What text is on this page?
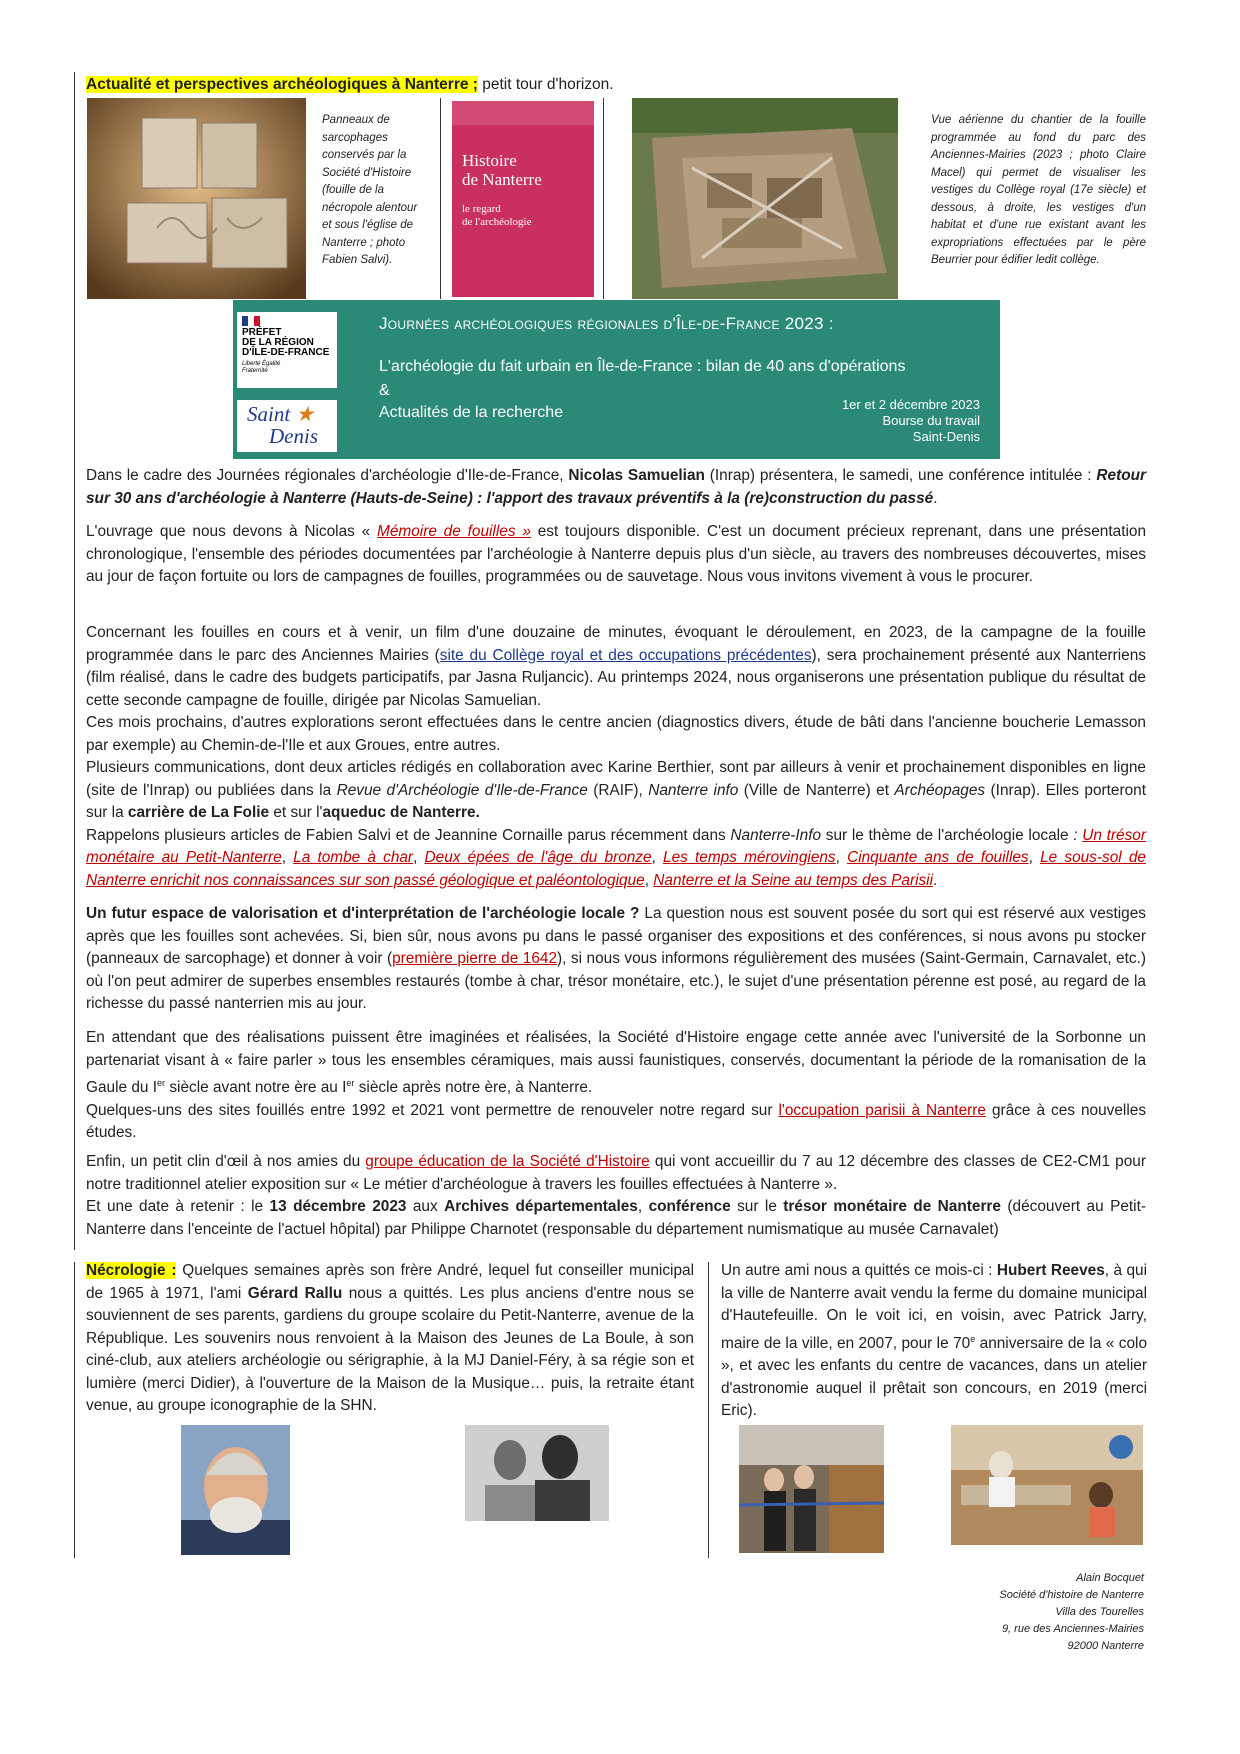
Actualité et perspectives archéologiques à Nanterre ; petit tour d'horizon.
Panneaux de sarcophages conservés par la Société d'Histoire (fouille de la nécropole alentour et sous l'église de Nanterre ; photo Fabien Salvi).
Histoire
de Nanterre
le regard
de l'archéologie
Vue aérienne du chantier de la fouille programmée au fond du parc des Anciennes-Mairies (2023 ; photo Claire Macel) qui permet de visualiser les vestiges du Collège royal (17e siècle) et dessous, à droite, les vestiges d'un habitat et d'une rue existant avant les expropriations effectuées par le père Beurrier pour édifier ledit collège.
PRÉFET
DE LA RÉGION
D'ÎLE-DE-FRANCE
Liberté Égalité Fraternité
Saint ★
Denis
Journées archéologiques régionales d'Île-de-France 2023 :
L'archéologie du fait urbain en Île-de-France : bilan de 40 ans d'opérations
&
Actualités de la recherche	1er et 2 décembre 2023
Bourse du travail
Saint-Denis

Dans le cadre des Journées régionales d'archéologie d'Ile-de-France, Nicolas Samuelian (Inrap) présentera, le samedi, une conférence intitulée : Retour sur 30 ans d'archéologie à Nanterre (Hauts-de-Seine) : l'apport des travaux préventifs à la (re)construction du passé.

L'ouvrage que nous devons à Nicolas « Mémoire de fouilles » est toujours disponible. C'est un document précieux reprenant, dans une présentation chronologique, l'ensemble des périodes documentées par l'archéologie à Nanterre depuis plus d'un siècle, au travers des nombreuses découvertes, mises au jour de façon fortuite ou lors de campagnes de fouilles, programmées ou de sauvetage. Nous vous invitons vivement à vous le procurer.

Concernant les fouilles en cours et à venir, un film d'une douzaine de minutes, évoquant le déroulement, en 2023, de la campagne de la fouille programmée dans le parc des Anciennes Mairies (site du Collège royal et des occupations précédentes), sera prochainement présenté aux Nanterriens (film réalisé, dans le cadre des budgets participatifs, par Jasna Ruljancic). Au printemps 2024, nous organiserons une présentation publique du résultat de cette seconde campagne de fouille, dirigée par Nicolas Samuelian.

Ces mois prochains, d'autres explorations seront effectuées dans le centre ancien (diagnostics divers, étude de bâti dans l'ancienne boucherie Lemasson par exemple) au Chemin-de-l'Ile et aux Groues, entre autres.

Plusieurs communications, dont deux articles rédigés en collaboration avec Karine Berthier, sont par ailleurs à venir et prochainement disponibles en ligne (site de l'Inrap) ou publiées dans la Revue d'Archéologie d'Ile-de-France (RAIF), Nanterre info (Ville de Nanterre) et Archéopages (Inrap). Elles porteront sur la carrière de La Folie et sur l'aqueduc de Nanterre.

Rappelons plusieurs articles de Fabien Salvi et de Jeannine Cornaille parus récemment dans Nanterre-Info sur le thème de l'archéologie locale : Un trésor monétaire au Petit-Nanterre, La tombe à char, Deux épées de l'âge du bronze, Les temps mérovingiens, Cinquante ans de fouilles, Le sous-sol de Nanterre enrichit nos connaissances sur son passé géologique et paléontologique, Nanterre et la Seine au temps des Parisii.

Un futur espace de valorisation et d'interprétation de l'archéologie locale ? La question nous est souvent posée du sort qui est réservé aux vestiges après que les fouilles sont achevées. Si, bien sûr, nous avons pu dans le passé organiser des expositions et des conférences, si nous avons pu stocker (panneaux de sarcophage) et donner à voir (première pierre de 1642), si nous vous informons régulièrement des musées (Saint-Germain, Carnavalet, etc.) où l'on peut admirer de superbes ensembles restaurés (tombe à char, trésor monétaire, etc.), le sujet d'une présentation pérenne est posé, au regard de la richesse du passé nanterrien mis au jour.

En attendant que des réalisations puissent être imaginées et réalisées, la Société d'Histoire engage cette année avec l'université de la Sorbonne un partenariat visant à « faire parler » tous les ensembles céramiques, mais aussi faunistiques, conservés, documentant la période de la romanisation de la Gaule du Ier siècle avant notre ère au Ier siècle après notre ère, à Nanterre.

Quelques-uns des sites fouillés entre 1992 et 2021 vont permettre de renouveler notre regard sur l'occupation parisii à Nanterre grâce à ces nouvelles études.

Enfin, un petit clin d'œil à nos amies du groupe éducation de la Société d'Histoire qui vont accueillir du 7 au 12 décembre des classes de CE2-CM1 pour notre traditionnel atelier exposition sur « Le métier d'archéologue à travers les fouilles effectuées à Nanterre ».

Et une date à retenir : le 13 décembre 2023 aux Archives départementales, conférence sur le trésor monétaire de Nanterre (découvert au Petit-Nanterre dans l'enceinte de l'actuel hôpital) par Philippe Charnotet (responsable du département numismatique au musée Carnavalet)

Nécrologie : Quelques semaines après son frère André, lequel fut conseiller municipal de 1965 à 1971, l'ami Gérard Rallu nous a quittés. Les plus anciens d'entre nous se souviennent de ses parents, gardiens du groupe scolaire du Petit-Nanterre, avenue de la République. Les souvenirs nous renvoient à la Maison des Jeunes de La Boule, à son ciné-club, aux ateliers archéologie ou sérigraphie, à la MJ Daniel-Féry, à sa régie son et lumière (merci Didier), à l'ouverture de la Maison de la Musique… puis, la retraite étant venue, au groupe iconographie de la SHN.
Un autre ami nous a quittés ce mois-ci : Hubert Reeves, à qui la ville de Nanterre avait vendu la ferme du domaine municipal d'Hautefeuille. On le voit ici, en voisin, avec Patrick Jarry, maire de la ville, en 2007, pour le 70e anniversaire de la « colo », et avec les enfants du centre de vacances, dans un atelier d'astronomie auquel il prêtait son concours, en 2019 (merci Eric).
Alain Bocquet
Société d'histoire de Nanterre
Villa des Tourelles
9, rue des Anciennes-Mairies
92000 Nanterre
